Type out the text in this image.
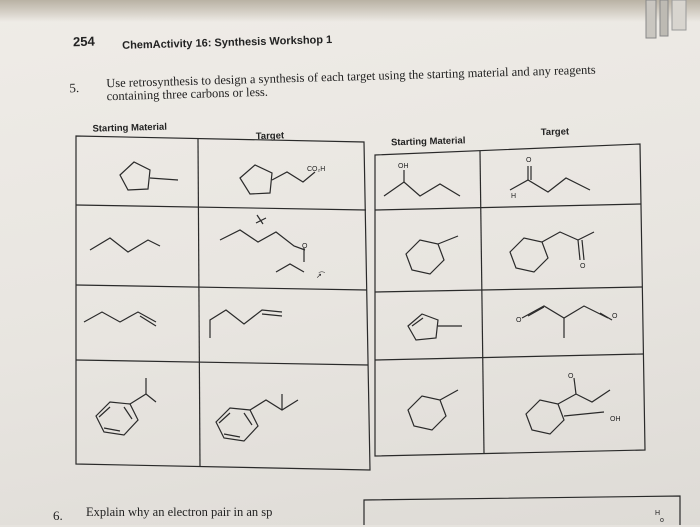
254 ChemActivity 16: Synthesis Workshop 1
5. Use retrosynthesis to design a synthesis of each target using the starting material and any reagents containing three carbons or less.
Starting Material
Target	Starting Material
Target
CO₂H
O
↗͡
OH
O
H
O
O
O
O
OH
H
o
6. Explain why an electron pair in an sp
